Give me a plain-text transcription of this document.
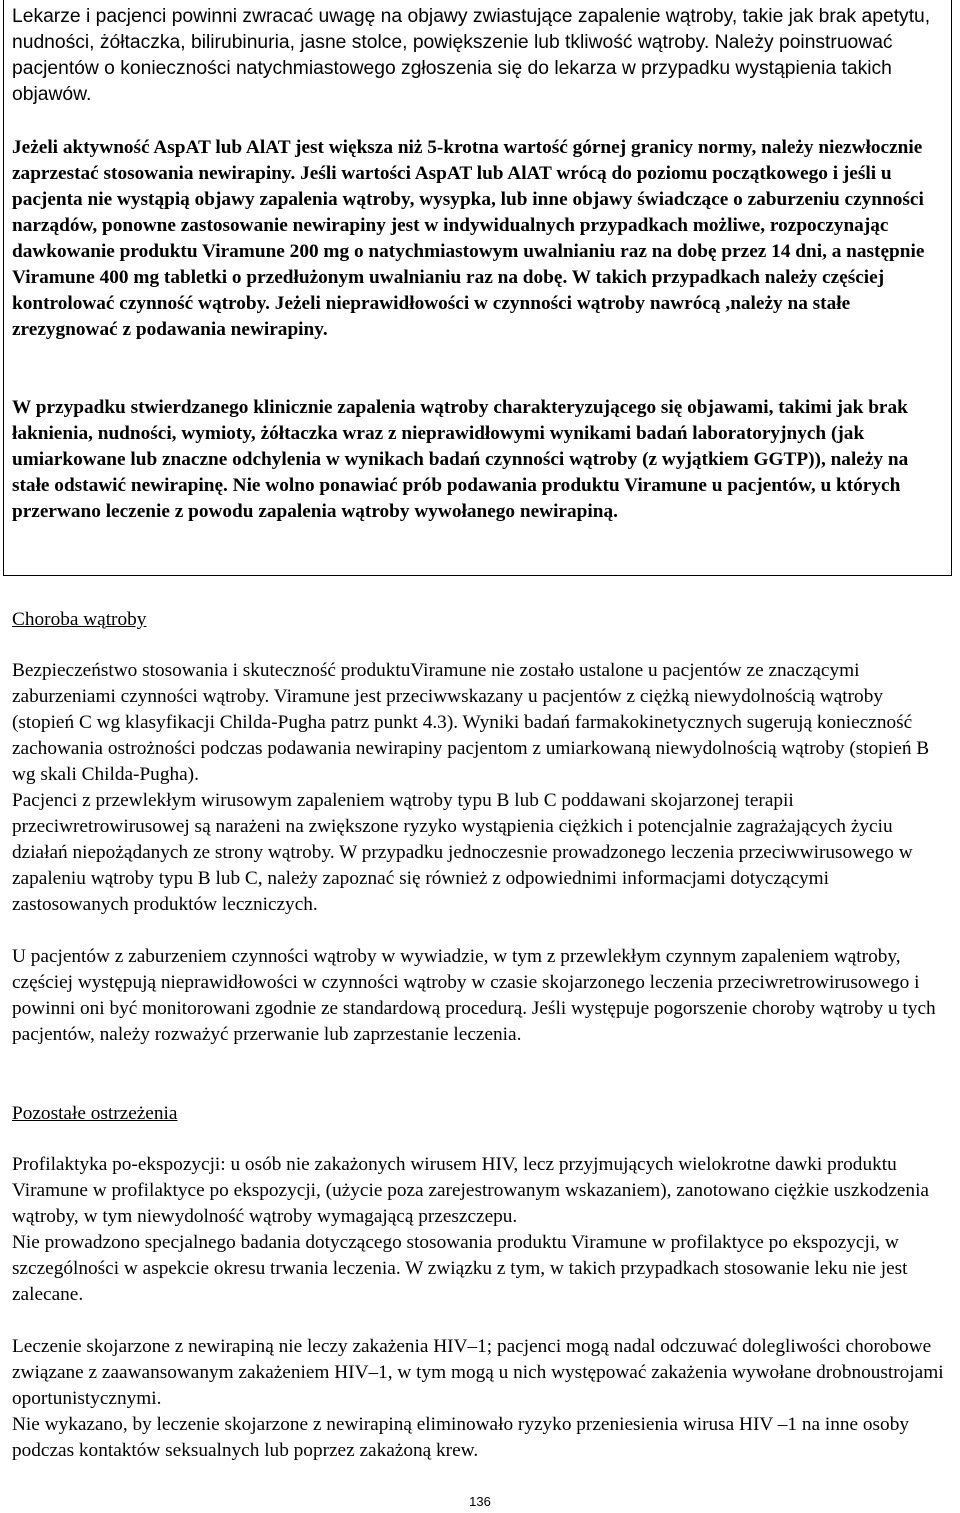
Lekarze i pacjenci powinni zwracać uwagę na objawy zwiastujące zapalenie wątroby, takie jak brak apetytu, nudności, żółtaczka, bilirubinuria, jasne stolce, powiększenie lub tkliwość wątroby. Należy poinstruować pacjentów o konieczności natychmiastowego zgłoszenia się do lekarza w przypadku wystąpienia takich objawów.

Jeżeli aktywność AspAT lub AlAT jest większa niż 5-krotna wartość górnej granicy normy, należy niezwłocznie zaprzestać stosowania newirapiny. Jeśli wartości AspAT lub AlAT wrócą do poziomu początkowego i jeśli u pacjenta nie wystąpią objawy zapalenia wątroby, wysypka, lub inne objawy świadczące o zaburzeniu czynności narządów, ponowne zastosowanie newirapiny jest w indywidualnych przypadkach możliwe, rozpoczynając dawkowanie produktu Viramune 200 mg o natychmiastowym uwalnianiu raz na dobę przez 14 dni, a następnie Viramune 400 mg tabletki o przedłużonym uwalnianiu raz na dobę. W takich przypadkach należy częściej kontrolować czynność wątroby. Jeżeli nieprawidłowości w czynności wątroby nawrócą ,należy na stałe zrezygnować z podawania newirapiny.

W przypadku stwierdzanego klinicznie zapalenia wątroby charakteryzującego się objawami, takimi jak brak łaknienia, nudności, wymioty, żółtaczka wraz z nieprawidłowymi wynikami badań laboratoryjnych (jak umiarkowane lub znaczne odchylenia w wynikach badań czynności wątroby (z wyjątkiem GGTP)), należy na stałe odstawić newirapinę. Nie wolno ponawiać prób podawania produktu Viramune u pacjentów, u których przerwano leczenie z powodu zapalenia wątroby wywołanego newirapiną.

Choroba wątroby

Bezpieczeństwo stosowania i skuteczność produktuViramune nie zostało ustalone u pacjentów ze znaczącymi zaburzeniami czynności wątroby. Viramune jest przeciwwskazany u pacjentów z ciężką niewydolnością wątroby (stopień C wg klasyfikacji Childa-Pugha patrz punkt 4.3). Wyniki badań farmakokinetycznych sugerują konieczność zachowania ostrożności podczas podawania newirapiny pacjentom z umiarkowaną niewydolnością wątroby (stopień B wg skali Childa-Pugha).

Pacjenci z przewlekłym wirusowym zapaleniem wątroby typu B lub C poddawani skojarzonej terapii przeciwretrowirusowej są narażeni na zwiększone ryzyko wystąpienia ciężkich i potencjalnie zagrażających życiu działań niepożądanych ze strony wątroby. W przypadku jednoczesnie prowadzonego leczenia przeciwwirusowego w zapaleniu wątroby typu B lub C, należy zapoznać się również z odpowiednimi informacjami dotyczącymi zastosowanych produktów leczniczych.

U pacjentów z zaburzeniem czynności wątroby w wywiadzie, w tym z przewlekłym czynnym zapaleniem wątroby, częściej występują nieprawidłowości w czynności wątroby w czasie skojarzonego leczenia przeciwretrowirusowego i powinni oni być monitorowani zgodnie ze standardową procedurą. Jeśli występuje pogorszenie choroby wątroby u tych pacjentów, należy rozważyć przerwanie lub zaprzestanie leczenia.

Pozostałe ostrzeżenia

Profilaktyka po-ekspozycji: u osób nie zakażonych wirusem HIV, lecz przyjmujących wielokrotne dawki produktu Viramune w profilaktyce po ekspozycji, (użycie poza zarejestrowanym wskazaniem), zanotowano ciężkie uszkodzenia wątroby, w tym niewydolność wątroby wymagającą przeszczepu.

Nie prowadzono specjalnego badania dotyczącego stosowania produktu Viramune w profilaktyce po ekspozycji, w szczególności w aspekcie okresu trwania leczenia. W związku z tym, w takich przypadkach stosowanie leku nie jest zalecane.

Leczenie skojarzone z newirapiną nie leczy zakażenia HIV–1; pacjenci mogą nadal odczuwać dolegliwości chorobowe związane z zaawansowanym zakażeniem HIV–1, w tym mogą u nich występować zakażenia wywołane drobnoustrojami oportunistycznymi.

Nie wykazano, by leczenie skojarzone z newirapiną eliminowało ryzyko przeniesienia wirusa HIV –1 na inne osoby podczas kontaktów seksualnych lub poprzez zakażoną krew.

136
